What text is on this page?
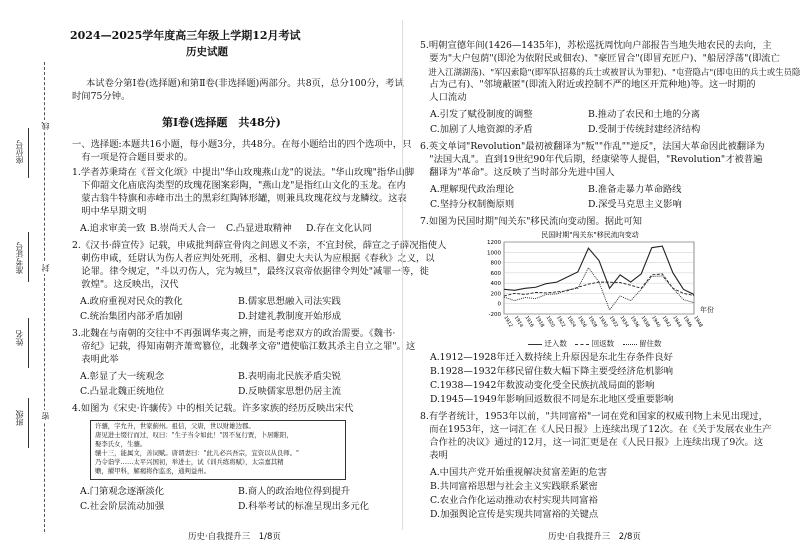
座位号
准考证号
姓名
班级
线
封
密
2024—2025学年度高三年级上学期12月考试
历史试题
本试卷分第Ⅰ卷(选择题)和第Ⅱ卷(非选择题)两部分。共8页，总分100分，考试
时间75分钟。
第Ⅰ卷(选择题　共48分)
一、选择题:本题共16小题，每小题3分，共48分。在每小题给出的四个选项中，只
　有一项是符合题目要求的。
1.学者苏秉琦在《晋文化颂》中提出"华山玫瑰燕山龙"的说法。"华山玫瑰"指华山脚
　下仰韶文化庙底沟类型的玫瑰花图案彩陶，"燕山龙"是指红山文化的玉龙。在内
　蒙古翁牛特旗和赤峰市出土的黑彩红陶钵形罐，则兼具玫瑰花纹与龙鳞纹。这表
　明中华早期文明
A.追求审美一致 B.崇尚天人合一 C.凸显进取精神 D.存在文化认同
2.《汉书·薛宣传》记载，申咸批判薛宣骨肉之间恩义不亲，不宜封侯，薛宣之子薛况指使人
　刺伤申咸，廷尉认为伤人者应判处死刑，丞相、御史大夫认为应根据《春秋》之义，以
　论罪。律令规定，"斗以刃伤人，完为城旦"，最终汉哀帝依据律令判处"减罪一等，徙
　敦煌"。这反映出，汉代
A.政府重视对民众的教化	B.儒家思想融入司法实践
C.统治集团内部矛盾加剧	D.封建礼教制度开始形成
3.北魏在与南朝的交往中不再强调华夷之辨，而是考虑双方的政治需要。《魏书·
　帝纪》记载，得知南朝齐萧鸾篡位，北魏孝文帝"遣使临江数其杀主自立之罪"。这
　表明此举
A.彰显了大一统观念	B.表明南北民族矛盾尖锐
C.凸显北魏正统地位	D.反映儒家思想仍居主流
4.如图为《宋史·许骧传》中的相关记载。许多家族的经历反映出宋代
许骧，字允升，世家蓟州。祖信，父唐，世以财雄边郡。
唐见进士缀行而过，叹曰："生子当令如此！"因不复行贾，卜居睢阳，
娶李氏女，生骧。
骧十三，能属文，善词赋。唐谓妻曰："此儿必兴吾宗，宜资以从良师。"
乃令诣学……太平兴国初，举进士，试《训兵练将赋》，太宗嘉其精
赡，擢甲科，解褐将作监丞，通判益州。
A.门第观念逐渐淡化	B.商人的政治地位得到提升
C.社会阶层流动加强	D.科举考试的标准呈现出多元化
历史·自我提升三　1/8页
5.明朝宣德年间(1426—1435年)，苏松巡抚周忱向户部报告当地失地农民的去向，主
　要为"大户包荫"(即沦为依附民或佃农)、"豪匠冒合"(即冒充匠户)、"船居浮荡"(即流亡
　进入江湖湖荡)、"军囚索隐"(即军队招募的兵士或被冒认为罪犯)、"屯营隐占"(即屯田的兵士或生员隐
　占为己有)、"邻境蔽匿"(即流入附近或控制不严的地区开荒种地)等。这一时期的
　人口流动
A.引发了赋役制度的调整	B.推动了农民和土地的分离
C.加剧了人地资源的矛盾	D.受制于传统封建经济结构
6.英文单词"Revolution"最初被翻译为"叛""作乱""逆反"，法国大革命因此被翻译为
　"法国大乱"。直到19世纪90年代后期，经康梁等人提倡，"Revolution"才被普遍
　翻译为"革命"。这反映了当时部分先进中国人
A.理解现代政治理论	B.准备走暴力革命路线
C.坚持分权制衡原则	D.深受马克思主义影响
7.如图为民国时期"闯关东"移民流向变动图。据此可知
民国时期"闯关东"移民流向变动
-200
0
200
400
600
800
1000
1200
1912 1914 1916 1918 1920 1922 1924 1926 1928 1930 1932 1934 1936 1938 1940 1942 1944 1946 1948
年份
迁入数	回返数	留住数
A.1912—1928年迁入数持续上升原因是东北生存条件良好
B.1928—1932年移民留住数大幅下降主要受经济危机影响
C.1938—1942年数波动变化受全民族抗战局面的影响
D.1945—1949年影响回返数很不同是东北地区受重要影响
8.有学者统计，1953年以前，"共同富裕"一词在党和国家的权威刊物上未见出现过，
　而在1953年，这一词汇在《人民日报》上连续出现了12次。在《关于发展农业生产
　合作社的决议》通过的12月，这一词汇更是在《人民日报》上连续出现了9次。这
　表明
A.中国共产党开始重视解决贫富差距的危害
B.共同富裕思想与社会主义实践联系紧密
C.农业合作化运动推动农村实现共同富裕
D.加强舆论宣传是实现共同富裕的关键点
历史·自我提升三　2/8页
